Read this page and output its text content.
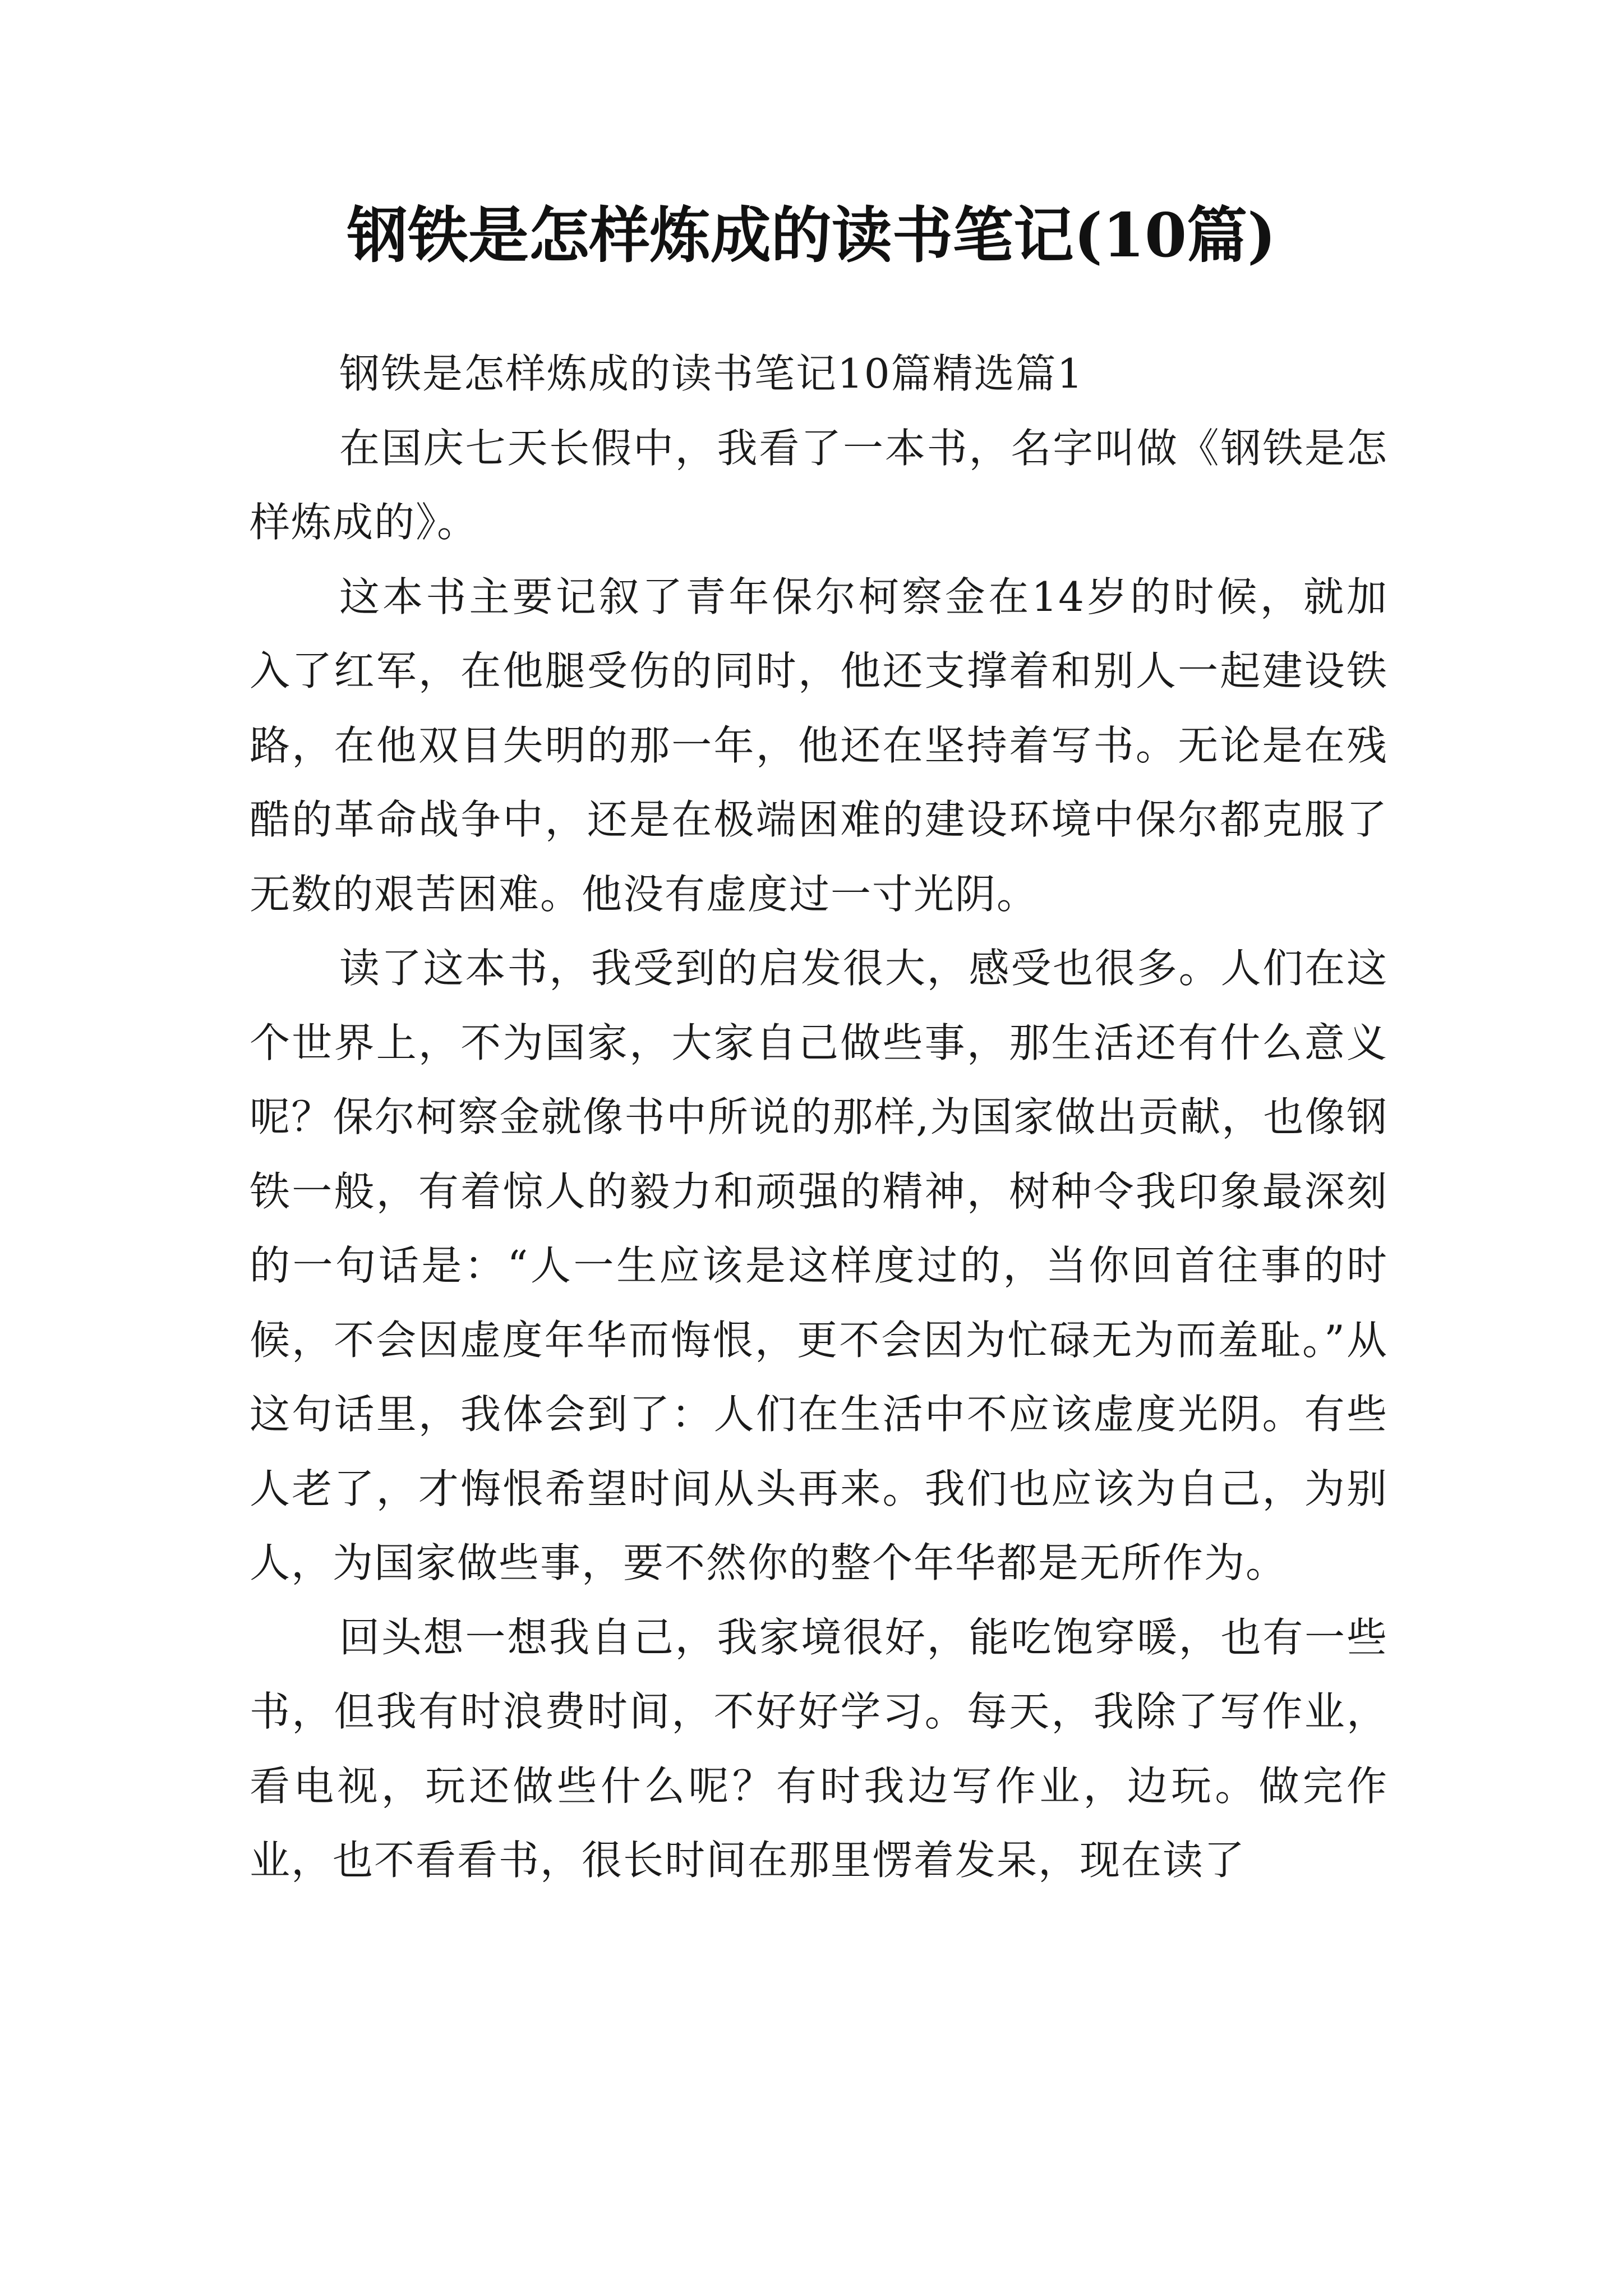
钢铁是怎样炼成的读书笔记(10篇)

钢铁是怎样炼成的读书笔记10篇精选篇1

在国庆七天长假中，我看了一本书，名字叫做《钢铁是怎样炼成的》。

这本书主要记叙了青年保尔柯察金在14岁的时候，就加入了红军，在他腿受伤的同时，他还支撑着和别人一起建设铁路，在他双目失明的那一年，他还在坚持着写书。无论是在残酷的革命战争中，还是在极端困难的建设环境中保尔都克服了无数的艰苦困难。他没有虚度过一寸光阴。

读了这本书，我受到的启发很大，感受也很多。人们在这个世界上，不为国家，大家自己做些事，那生活还有什么意义呢？保尔柯察金就像书中所说的那样,为国家做出贡献，也像钢铁一般，有着惊人的毅力和顽强的精神，树种令我印象最深刻的一句话是：“人一生应该是这样度过的，当你回首往事的时候，不会因虚度年华而悔恨，更不会因为忙碌无为而羞耻。”从这句话里，我体会到了：人们在生活中不应该虚度光阴。有些人老了，才悔恨希望时间从头再来。我们也应该为自己，为别人，为国家做些事，要不然你的整个年华都是无所作为。

回头想一想我自己，我家境很好，能吃饱穿暖，也有一些书，但我有时浪费时间，不好好学习。每天，我除了写作业，看电视，玩还做些什么呢？有时我边写作业，边玩。做完作业，也不看看书，很长时间在那里愣着发呆，现在读了
